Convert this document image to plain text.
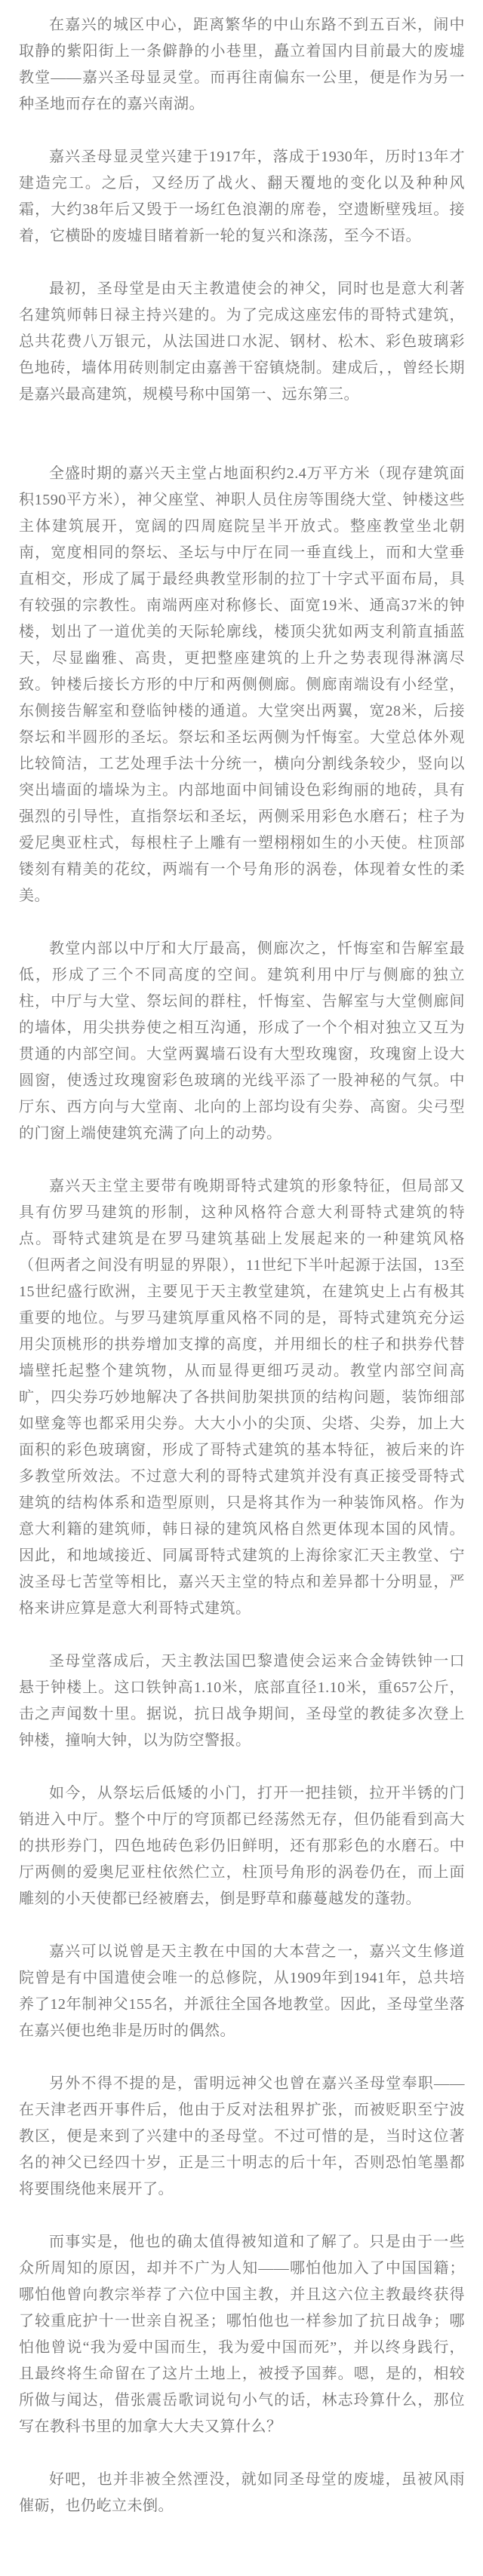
在嘉兴的城区中心，距离繁华的中山东路不到五百米，闹中取静的紫阳街上一条僻静的小巷里，矗立着国内目前最大的废墟教堂——嘉兴圣母显灵堂。而再往南偏东一公里，便是作为另一种圣地而存在的嘉兴南湖。

嘉兴圣母显灵堂兴建于1917年，落成于1930年，历时13年才建造完工。之后，又经历了战火、翻天覆地的变化以及种种风霜，大约38年后又毁于一场红色浪潮的席卷，空遗断壁残垣。接着，它横卧的废墟目睹着新一轮的复兴和涤荡，至今不语。

最初，圣母堂是由天主教遣使会的神父，同时也是意大利著名建筑师韩日禄主持兴建的。为了完成这座宏伟的哥特式建筑，总共花费八万银元，从法国进口水泥、钢材、松木、彩色玻璃彩色地砖，墙体用砖则制定由嘉善干窑镇烧制。建成后，，曾经长期是嘉兴最高建筑，规模号称中国第一、远东第三。

全盛时期的嘉兴天主堂占地面积约2.4万平方米（现存建筑面积1590平方米），神父座堂、神职人员住房等围绕大堂、钟楼这些主体建筑展开，宽阔的四周庭院呈半开放式。整座教堂坐北朝南，宽度相同的祭坛、圣坛与中厅在同一垂直线上，而和大堂垂直相交，形成了属于最经典教堂形制的拉丁十字式平面布局，具有较强的宗教性。南端两座对称修长、面宽19米、通高37米的钟楼，划出了一道优美的天际轮廓线，楼顶尖犹如两支利箭直插蓝天，尽显幽雅、高贵，更把整座建筑的上升之势表现得淋漓尽致。钟楼后接长方形的中厅和两侧侧廊。侧廊南端设有小经堂，东侧接告解室和登临钟楼的通道。大堂突出两翼，宽28米，后接祭坛和半圆形的圣坛。祭坛和圣坛两侧为忏悔室。大堂总体外观比较简洁，工艺处理手法十分统一，横向分割线条较少，竖向以突出墙面的墙垛为主。内部地面中间铺设色彩绚丽的地砖，具有强烈的引导性，直指祭坛和圣坛，两侧采用彩色水磨石；柱子为爱尼奥亚柱式，每根柱子上雕有一塑栩栩如生的小天使。柱顶部镂刻有精美的花纹，两端有一个号角形的涡卷，体现着女性的柔美。

教堂内部以中厅和大厅最高，侧廊次之，忏悔室和告解室最低，形成了三个不同高度的空间。建筑利用中厅与侧廊的独立柱，中厅与大堂、祭坛间的群柱，忏悔室、告解室与大堂侧廊间的墙体，用尖拱券使之相互沟通，形成了一个个相对独立又互为贯通的内部空间。大堂两翼墙石设有大型玫瑰窗，玫瑰窗上设大圆窗，使透过玫瑰窗彩色玻璃的光线平添了一股神秘的气氛。中厅东、西方向与大堂南、北向的上部均设有尖券、高窗。尖弓型的门窗上端使建筑充满了向上的动势。

嘉兴天主堂主要带有晚期哥特式建筑的形象特征，但局部又具有仿罗马建筑的形制，这种风格符合意大利哥特式建筑的特点。哥特式建筑是在罗马建筑基础上发展起来的一种建筑风格（但两者之间没有明显的界限），11世纪下半叶起源于法国，13至15世纪盛行欧洲，主要见于天主教堂建筑，在建筑史上占有极其重要的地位。与罗马建筑厚重风格不同的是，哥特式建筑充分运用尖顶桃形的拱券增加支撑的高度，并用细长的柱子和拱券代替墙壁托起整个建筑物，从而显得更细巧灵动。教堂内部空间高旷，四尖券巧妙地解决了各拱间肋架拱顶的结构问题，装饰细部如壁龛等也都采用尖券。大大小小的尖顶、尖塔、尖券，加上大面积的彩色玻璃窗，形成了哥特式建筑的基本特征，被后来的许多教堂所效法。不过意大利的哥特式建筑并没有真正接受哥特式建筑的结构体系和造型原则，只是将其作为一种装饰风格。作为意大利籍的建筑师，韩日禄的建筑风格自然更体现本国的风情。因此，和地域接近、同属哥特式建筑的上海徐家汇天主教堂、宁波圣母七苦堂等相比，嘉兴天主堂的特点和差异都十分明显，严格来讲应算是意大利哥特式建筑。

圣母堂落成后，天主教法国巴黎遣使会运来合金铸铁钟一口悬于钟楼上。这口铁钟高1.10米，底部直径1.10米，重657公斤，击之声闻数十里。据说，抗日战争期间，圣母堂的教徒多次登上钟楼，撞响大钟，以为防空警报。

如今，从祭坛后低矮的小门，打开一把挂锁，拉开半锈的门销进入中厅。整个中厅的穹顶都已经荡然无存，但仍能看到高大的拱形券门，四色地砖色彩仍旧鲜明，还有那彩色的水磨石。中厅两侧的爱奥尼亚柱依然伫立，柱顶号角形的涡卷仍在，而上面雕刻的小天使都已经被磨去，倒是野草和藤蔓越发的蓬勃。

嘉兴可以说曾是天主教在中国的大本营之一，嘉兴文生修道院曾是有中国遣使会唯一的总修院，从1909年到1941年，总共培养了12年制神父155名，并派往全国各地教堂。因此，圣母堂坐落在嘉兴便也绝非是历时的偶然。

另外不得不提的是，雷明远神父也曾在嘉兴圣母堂奉职——在天津老西开事件后，他由于反对法租界扩张，而被贬职至宁波教区，便是来到了兴建中的圣母堂。不过可惜的是，当时这位著名的神父已经四十岁，正是三十明志的后十年，否则恐怕笔墨都将要围绕他来展开了。

而事实是，他也的确太值得被知道和了解了。只是由于一些众所周知的原因，却并不广为人知——哪怕他加入了中国国籍；哪怕他曾向教宗举荐了六位中国主教，并且这六位主教最终获得了较重庇护十一世亲自祝圣；哪怕他也一样参加了抗日战争；哪怕他曾说“我为爱中国而生，我为爱中国而死”，并以终身践行，且最终将生命留在了这片土地上，被授予国葬。嗯，是的，相较所做与闻达，借张震岳歌词说句小气的话，林志玲算什么，那位写在教科书里的加拿大大夫又算什么？

好吧，也并非被全然湮没，就如同圣母堂的废墟，虽被风雨催砺，也仍屹立未倒。
